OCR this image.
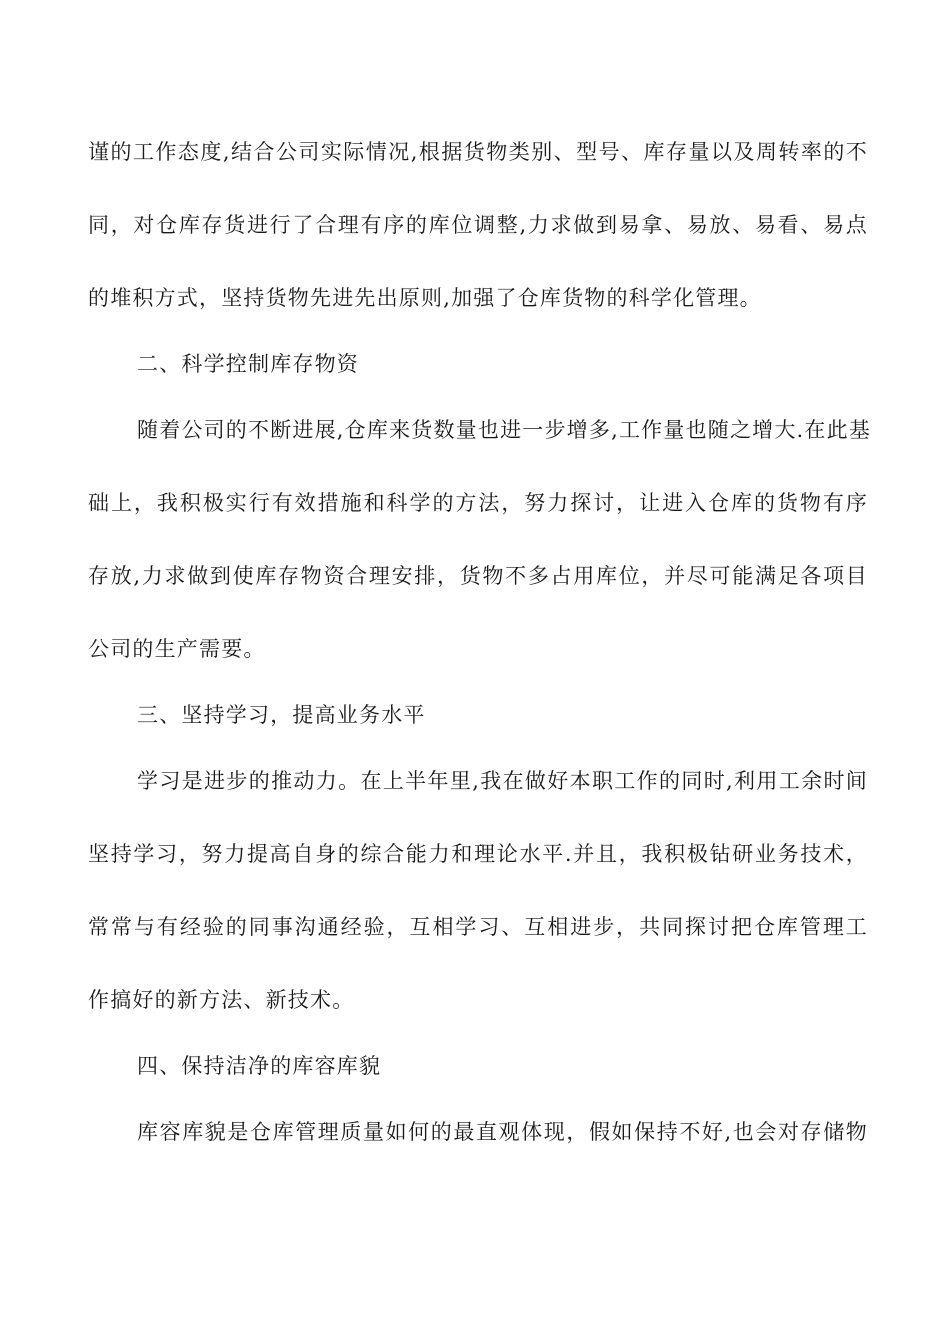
谨的工作态度,结合公司实际情况,根据货物类别、型号、库存量以及周转率的不
同，对仓库存货进行了合理有序的库位调整,力求做到易拿、易放、易看、易点
的堆积方式，坚持货物先进先出原则,加强了仓库货物的科学化管理。
二、科学控制库存物资
随着公司的不断进展,仓库来货数量也进一步增多,工作量也随之增大.在此基
础上，我积极实行有效措施和科学的方法，努力探讨，让进入仓库的货物有序
存放,力求做到使库存物资合理安排，货物不多占用库位，并尽可能满足各项目
公司的生产需要。
三、坚持学习，提高业务水平
学习是进步的推动力。在上半年里,我在做好本职工作的同时,利用工余时间
坚持学习，努力提高自身的综合能力和理论水平.并且，我积极钻研业务技术，
常常与有经验的同事沟通经验，互相学习、互相进步，共同探讨把仓库管理工
作搞好的新方法、新技术。
四、保持洁净的库容库貌
库容库貌是仓库管理质量如何的最直观体现，假如保持不好,也会对存储物
